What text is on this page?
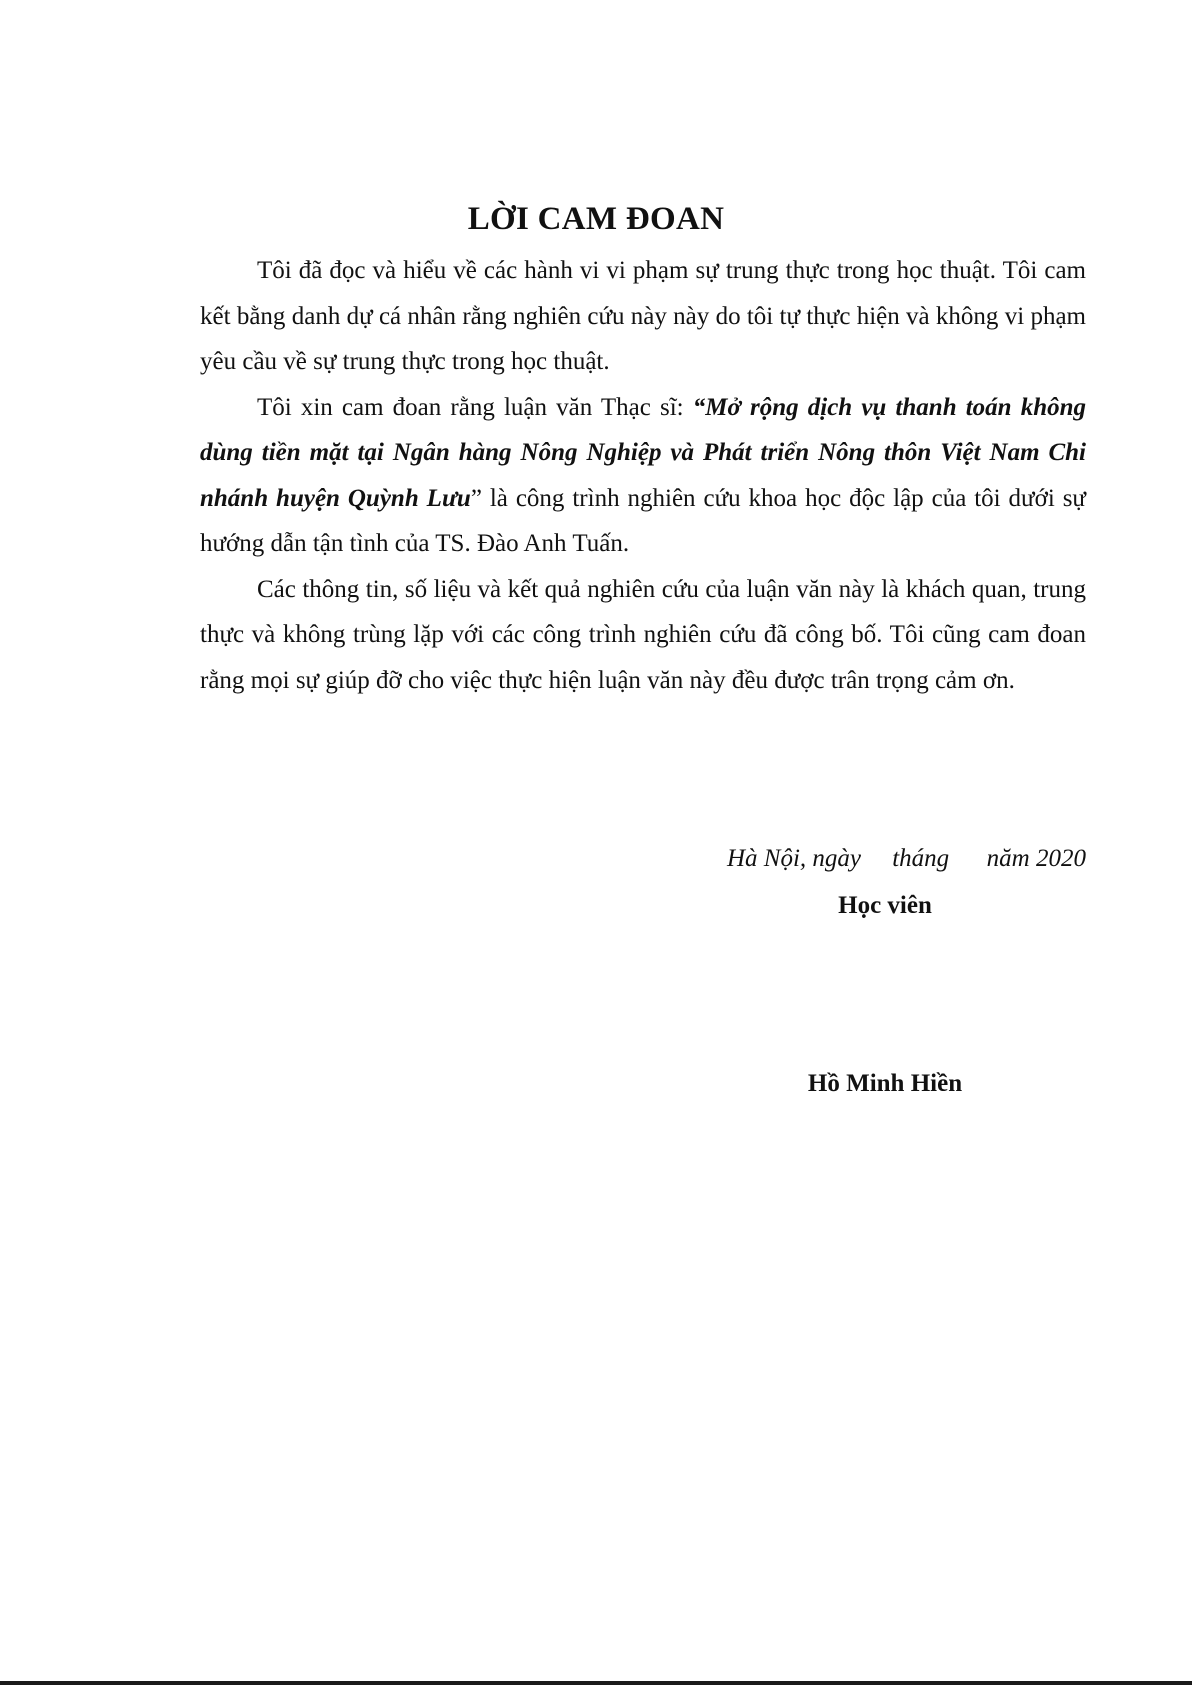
LỜI CAM ĐOAN

Tôi đã đọc và hiểu về các hành vi vi phạm sự trung thực trong học thuật. Tôi cam kết bằng danh dự cá nhân rằng nghiên cứu này này do tôi tự thực hiện và không vi phạm yêu cầu về sự trung thực trong học thuật.

Tôi xin cam đoan rằng luận văn Thạc sĩ: “Mở rộng dịch vụ thanh toán không dùng tiền mặt tại Ngân hàng Nông Nghiệp và Phát triển Nông thôn Việt Nam Chi nhánh huyện Quỳnh Lưu” là công trình nghiên cứu khoa học độc lập của tôi dưới sự hướng dẫn tận tình của TS. Đào Anh Tuấn.

Các thông tin, số liệu và kết quả nghiên cứu của luận văn này là khách quan, trung thực và không trùng lặp với các công trình nghiên cứu đã công bố. Tôi cũng cam đoan rằng mọi sự giúp đỡ cho việc thực hiện luận văn này đều được trân trọng cảm ơn.

Hà Nội, ngày     tháng      năm 2020
Học viên
Hồ Minh Hiền
